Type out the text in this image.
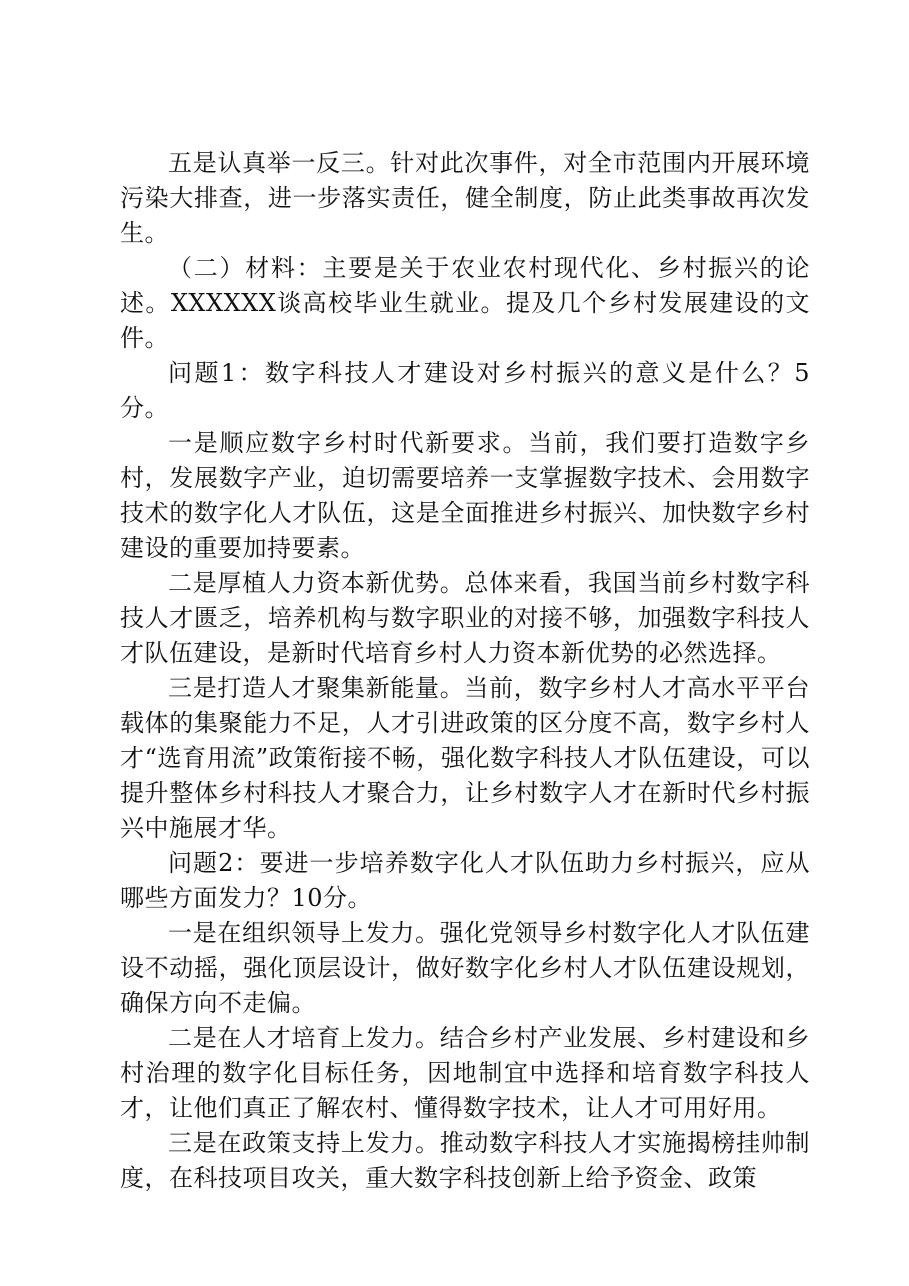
五是认真举一反三。针对此次事件，对全市范围内开展环境污染大排查，进一步落实责任，健全制度，防止此类事故再次发生。

（二）材料：主要是关于农业农村现代化、乡村振兴的论述。XXXXXX谈高校毕业生就业。提及几个乡村发展建设的文件。

问题1：数字科技人才建设对乡村振兴的意义是什么？5分。

一是顺应数字乡村时代新要求。当前，我们要打造数字乡村，发展数字产业，迫切需要培养一支掌握数字技术、会用数字技术的数字化人才队伍，这是全面推进乡村振兴、加快数字乡村建设的重要加持要素。

二是厚植人力资本新优势。总体来看，我国当前乡村数字科技人才匮乏，培养机构与数字职业的对接不够，加强数字科技人才队伍建设，是新时代培育乡村人力资本新优势的必然选择。

三是打造人才聚集新能量。当前，数字乡村人才高水平平台载体的集聚能力不足，人才引进政策的区分度不高，数字乡村人才“选育用流”政策衔接不畅，强化数字科技人才队伍建设，可以提升整体乡村科技人才聚合力，让乡村数字人才在新时代乡村振兴中施展才华。

问题2：要进一步培养数字化人才队伍助力乡村振兴，应从哪些方面发力？10分。

一是在组织领导上发力。强化党领导乡村数字化人才队伍建设不动摇，强化顶层设计，做好数字化乡村人才队伍建设规划，确保方向不走偏。

二是在人才培育上发力。结合乡村产业发展、乡村建设和乡村治理的数字化目标任务，因地制宜中选择和培育数字科技人才，让他们真正了解农村、懂得数字技术，让人才可用好用。

三是在政策支持上发力。推动数字科技人才实施揭榜挂帅制度，在科技项目攻关，重大数字科技创新上给予资金、政策
